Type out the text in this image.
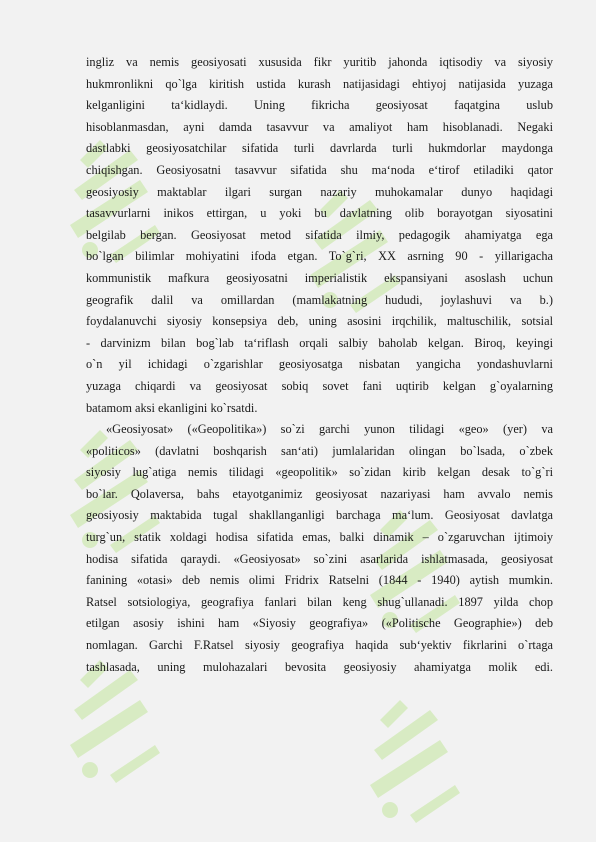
ingliz va nemis geosiyosati xususida fikr yuritib jahonda iqtisodiy va siyosiy
hukmronlikni qo`lga kiritish ustida kurash natijasidagi ehtiyoj natijasida yuzaga
kelganligini ta‘kidlaydi. Uning fikricha geosiyosat faqatgina uslub
hisoblanmasdan, ayni damda tasavvur va amaliyot ham hisoblanadi. Negaki
dastlabki geosiyosatchilar sifatida turli davrlarda turli hukmdorlar maydonga
chiqishgan. Geosiyosatni tasavvur sifatida shu ma‘noda e‘tirof etiladiki qator
geosiyosiy maktablar ilgari surgan nazariy muhokamalar dunyo haqidagi
tasavvurlarni inikos ettirgan, u yoki bu davlatning olib borayotgan siyosatini
belgilab bergan. Geosiyosat metod sifatida ilmiy, pedagogik ahamiyatga ega
bo`lgan bilimlar mohiyatini ifoda etgan. To`g`ri, XX asrning 90 - yillarigacha
kommunistik mafkura geosiyosatni imperialistik ekspansiyani asoslash uchun
geografik dalil va omillardan (mamlakatning hududi, joylashuvi va b.)
foydalanuvchi siyosiy konsepsiya deb, uning asosini irqchilik, maltuschilik, sotsial
- darvinizm bilan bog`lab ta‘riflash orqali salbiy baholab kelgan. Biroq, keyingi
o`n yil ichidagi o`zgarishlar geosiyosatga nisbatan yangicha yondashuvlarni
yuzaga chiqardi va geosiyosat sobiq sovet fani uqtirib kelgan g`oyalarning
batamom aksi ekanligini ko`rsatdi.
«Geosiyosat» («Geopolitika») so`zi garchi yunon tilidagi «geo» (yer) va
«politicos» (davlatni boshqarish san‘ati) jumlalaridan olingan bo`lsada, o`zbek
siyosiy lug`atiga nemis tilidagi «geopolitik» so`zidan kirib kelgan desak to`g`ri
bo`lar. Qolaversa, bahs etayotganimiz geosiyosat nazariyasi ham avvalo nemis
geosiyosiy maktabida tugal shakllanganligi barchaga ma‘lum. Geosiyosat davlatga
turg`un, statik xoldagi hodisa sifatida emas, balki dinamik – o`zgaruvchan ijtimoiy
hodisa sifatida qaraydi. «Geosiyosat» so`zini asarlarida ishlatmasada, geosiyosat
fanining «otasi» deb nemis olimi Fridrix Ratselni (1844 - 1940) aytish mumkin.
Ratsel sotsiologiya, geografiya fanlari bilan keng shug`ullanadi. 1897 yilda chop
etilgan asosiy ishini ham «Siyosiy geografiya» («Politische Geographie») deb
nomlagan. Garchi F.Ratsel siyosiy geografiya haqida sub‘yektiv fikrlarini o`rtaga
tashlasada, uning mulohazalari bevosita geosiyosiy ahamiyatga molik edi.
